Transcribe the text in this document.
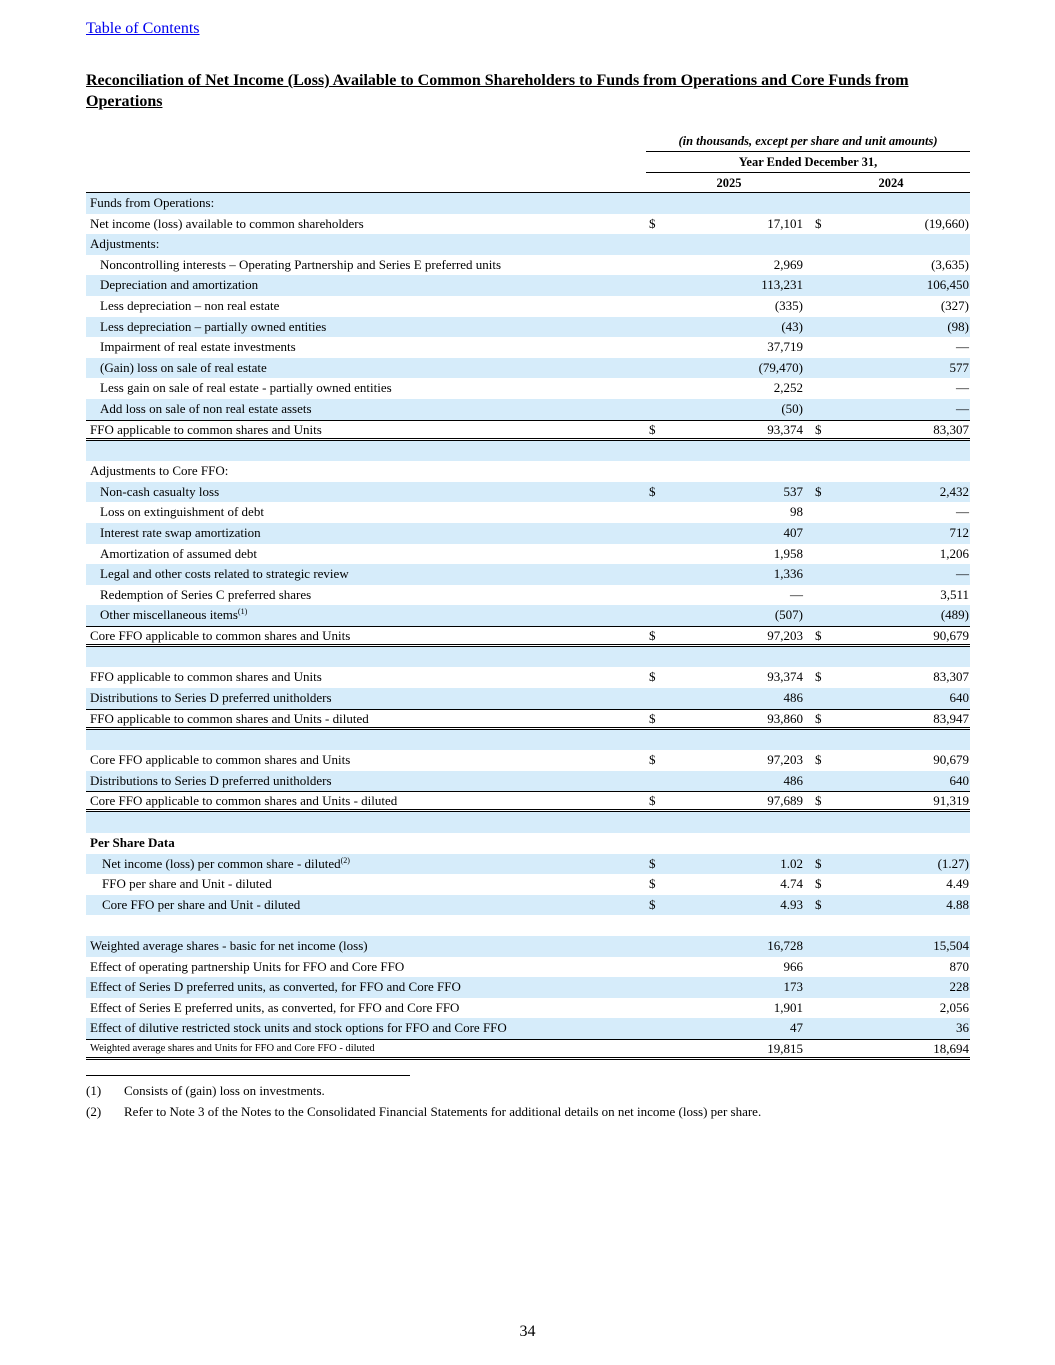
Table of Contents
Reconciliation of Net Income (Loss) Available to Common Shareholders to Funds from Operations and Core Funds from Operations
(in thousands, except per share and unit amounts)
Year Ended December 31,
2025	2024
Funds from Operations:
Net income (loss) available to common shareholders	$	17,101 $	(19,660)
Adjustments:
Noncontrolling interests – Operating Partnership and Series E preferred units	2,969	(3,635)
Depreciation and amortization	113,231	106,450
Less depreciation – non real estate	(335)	(327)
Less depreciation – partially owned entities	(43)	(98)
Impairment of real estate investments	37,719	—
(Gain) loss on sale of real estate	(79,470)	577
Less gain on sale of real estate - partially owned entities	2,252	—
Add loss on sale of non real estate assets	(50)	—
FFO applicable to common shares and Units	$	93,374 $	83,307
Adjustments to Core FFO:
Non-cash casualty loss	$	537 $	2,432
Loss on extinguishment of debt	98	—
Interest rate swap amortization	407	712
Amortization of assumed debt	1,958	1,206
Legal and other costs related to strategic review	1,336	—
Redemption of Series C preferred shares	—	3,511
Other miscellaneous items$^{(1)}$	(507)	(489)
Core FFO applicable to common shares and Units	$	97,203 $	90,679
FFO applicable to common shares and Units	$	93,374 $	83,307
Distributions to Series D preferred unitholders	486	640
FFO applicable to common shares and Units - diluted	$	93,860 $	83,947
Core FFO applicable to common shares and Units	$	97,203 $	90,679
Distributions to Series D preferred unitholders	486	640
Core FFO applicable to common shares and Units - diluted	$	97,689 $	91,319
Per Share Data
Net income (loss) per common share - diluted$^{(2)}$	$	1.02 $	(1.27)
FFO per share and Unit - diluted	$	4.74 $	4.49
Core FFO per share and Unit - diluted	$	4.93 $	4.88
Weighted average shares - basic for net income (loss)	16,728	15,504
Effect of operating partnership Units for FFO and Core FFO	966	870
Effect of Series D preferred units, as converted, for FFO and Core FFO	173	228
Effect of Series E preferred units, as converted, for FFO and Core FFO	1,901	2,056
Effect of dilutive restricted stock units and stock options for FFO and Core FFO	47	36
Weighted average shares and Units for FFO and Core FFO - diluted	19,815	18,694
(1) Consists of (gain) loss on investments.
(2) Refer to Note 3 of the Notes to the Consolidated Financial Statements for additional details on net income (loss) per share.
34
